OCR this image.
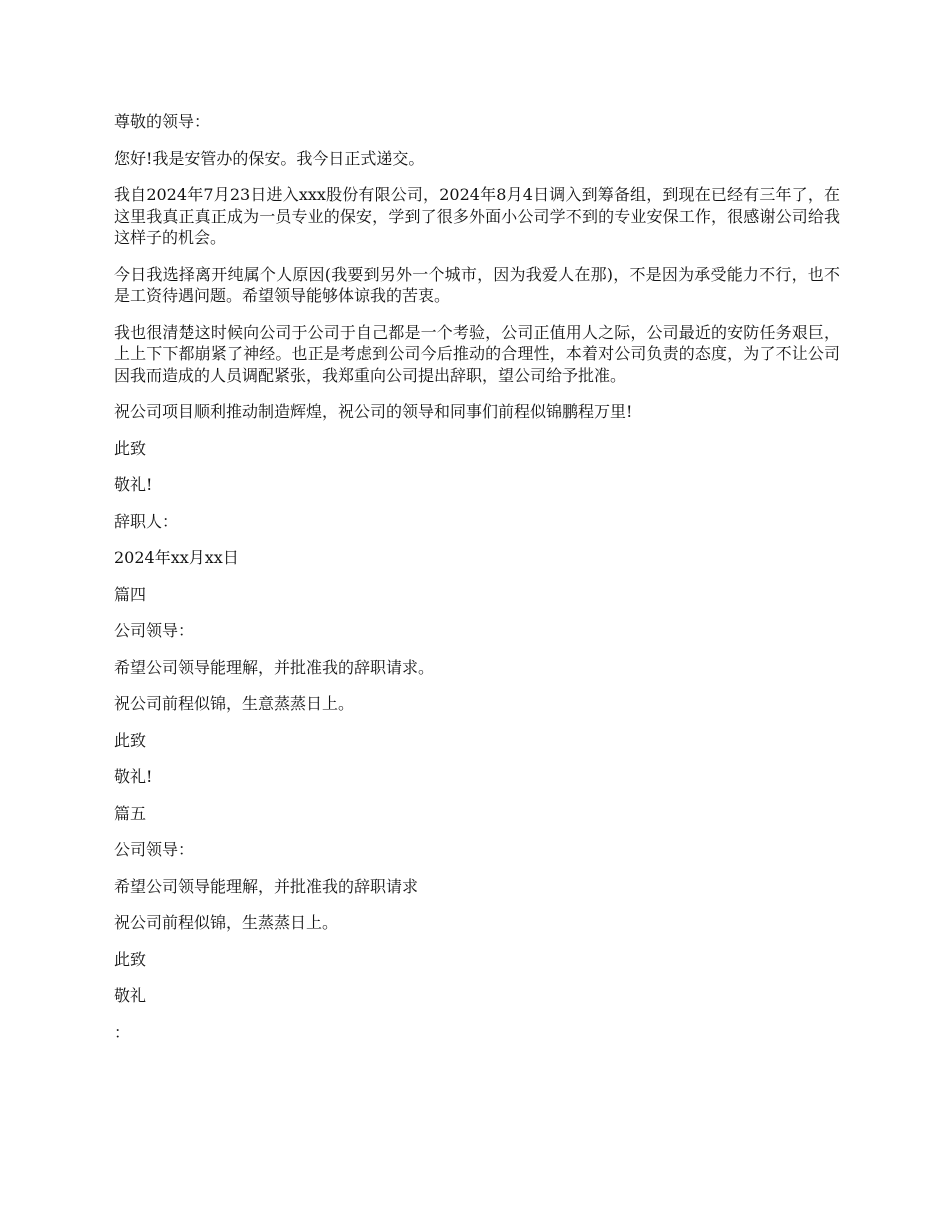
尊敬的领导：

您好!我是安管办的保安。我今日正式递交。

我自2024年7月23日进入xxx股份有限公司，2024年8月4日调入到筹备组，到现在已经有三年了，在这里我真正真正成为一员专业的保安，学到了很多外面小公司学不到的专业安保工作，很感谢公司给我这样子的机会。

今日我选择离开纯属个人原因(我要到另外一个城市，因为我爱人在那)，不是因为承受能力不行，也不是工资待遇问题。希望领导能够体谅我的苦衷。

我也很清楚这时候向公司于公司于自己都是一个考验，公司正值用人之际，公司最近的安防任务艰巨，上上下下都崩紧了神经。也正是考虑到公司今后推动的合理性，本着对公司负责的态度，为了不让公司因我而造成的人员调配紧张，我郑重向公司提出辞职，望公司给予批准。

祝公司项目顺利推动制造辉煌，祝公司的领导和同事们前程似锦鹏程万里!

此致

敬礼!

辞职人：

2024年xx月xx日

篇四

公司领导：

希望公司领导能理解，并批准我的辞职请求。

祝公司前程似锦，生意蒸蒸日上。

此致

敬礼!

篇五

公司领导：

希望公司领导能理解，并批准我的辞职请求

祝公司前程似锦，生蒸蒸日上。

此致

敬礼

：
